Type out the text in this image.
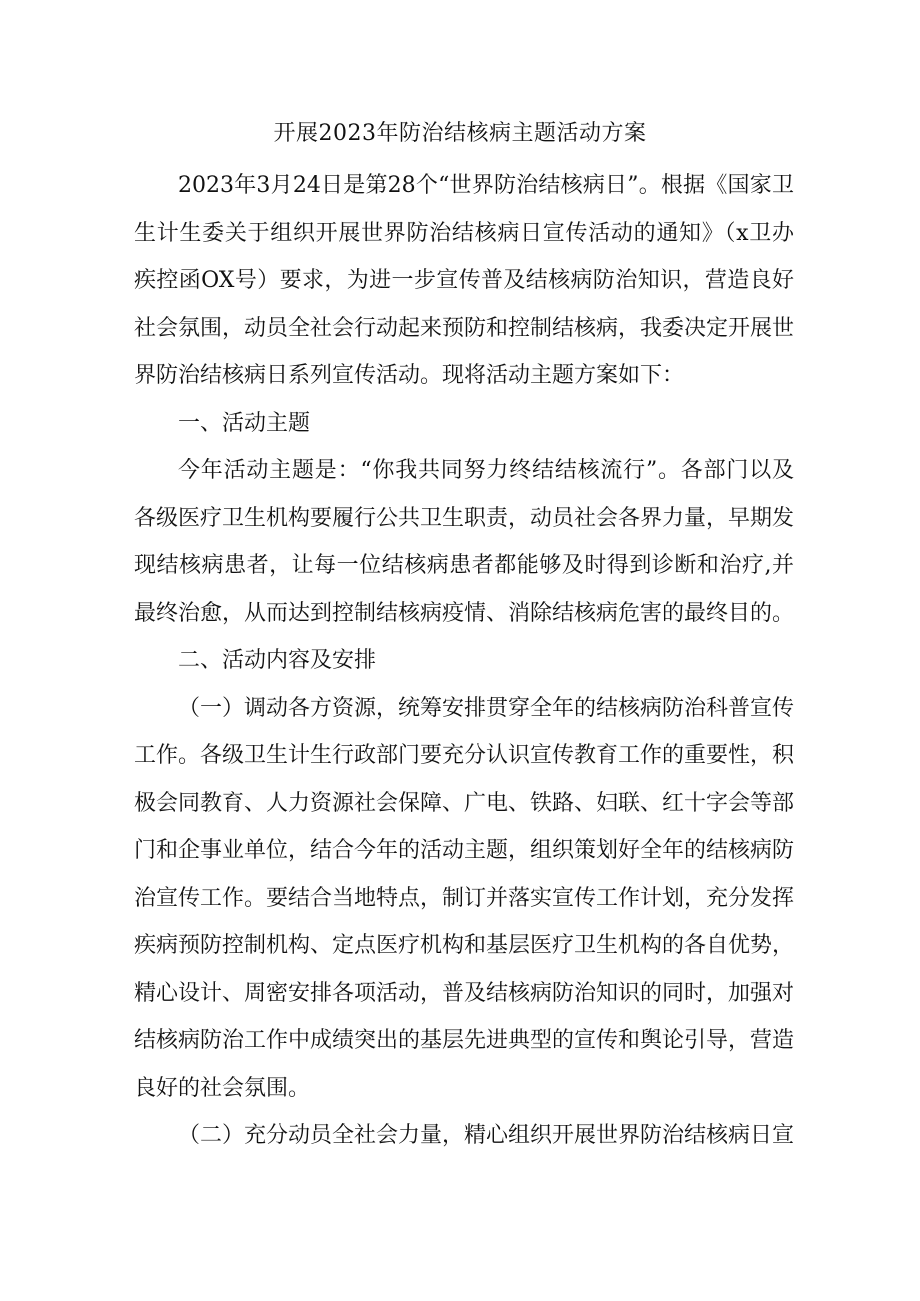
开展2023年防治结核病主题活动方案

2023年3月24日是第28个“世界防治结核病日”。根据《国家卫生计生委关于组织开展世界防治结核病日宣传活动的通知》（x卫办疾控函OX号）要求，为进一步宣传普及结核病防治知识，营造良好社会氛围，动员全社会行动起来预防和控制结核病，我委决定开展世界防治结核病日系列宣传活动。现将活动主题方案如下：

一、活动主题

今年活动主题是：“你我共同努力终结结核流行”。各部门以及各级医疗卫生机构要履行公共卫生职责，动员社会各界力量，早期发现结核病患者，让每一位结核病患者都能够及时得到诊断和治疗,并最终治愈，从而达到控制结核病疫情、消除结核病危害的最终目的。

二、活动内容及安排

（一）调动各方资源，统筹安排贯穿全年的结核病防治科普宣传工作。各级卫生计生行政部门要充分认识宣传教育工作的重要性，积极会同教育、人力资源社会保障、广电、铁路、妇联、红十字会等部门和企事业单位，结合今年的活动主题，组织策划好全年的结核病防治宣传工作。要结合当地特点，制订并落实宣传工作计划，充分发挥疾病预防控制机构、定点医疗机构和基层医疗卫生机构的各自优势，精心设计、周密安排各项活动，普及结核病防治知识的同时，加强对结核病防治工作中成绩突出的基层先进典型的宣传和舆论引导，营造良好的社会氛围。

（二）充分动员全社会力量，精心组织开展世界防治结核病日宣
